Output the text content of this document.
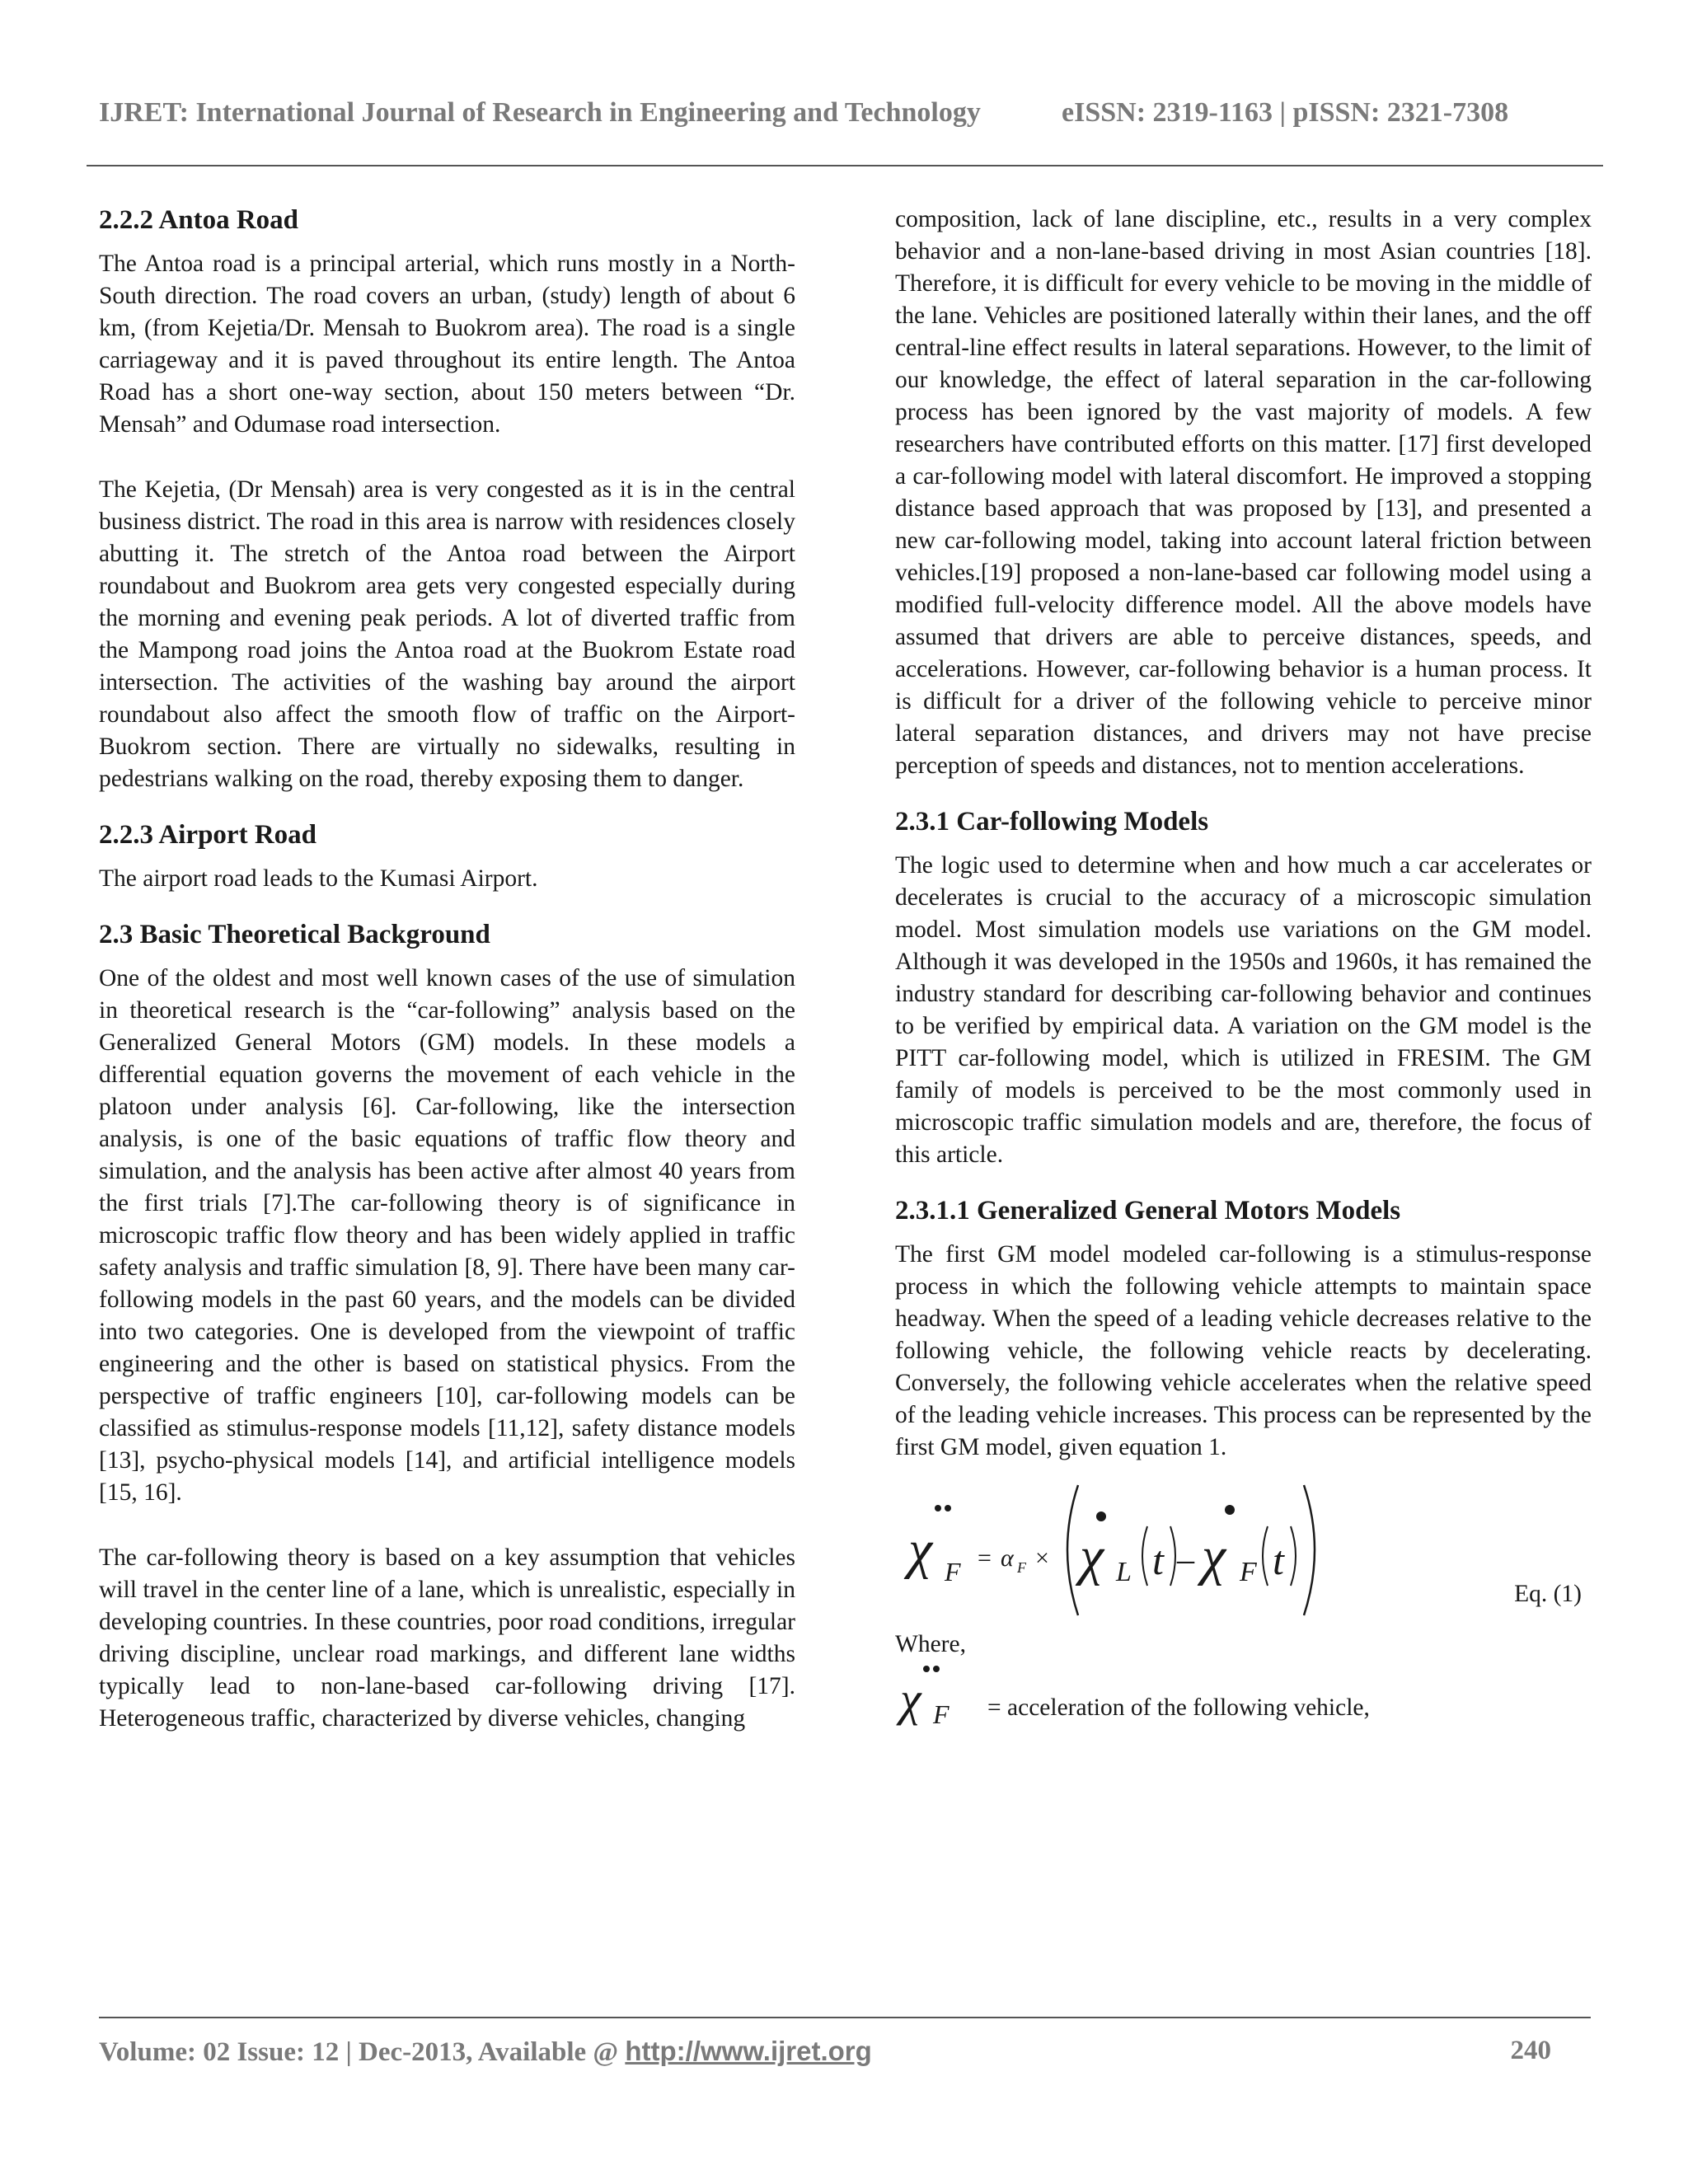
IJRET: International Journal of Research in Engineering and Technology	eISSN: 2319-1163 | pISSN: 2321-7308
2.2.2 Antoa Road

The Antoa road is a principal arterial, which runs mostly in a North-South direction. The road covers an urban, (study) length of about 6 km, (from Kejetia/Dr. Mensah to Buokrom area). The road is a single carriageway and it is paved throughout its entire length. The Antoa Road has a short one-way section, about 150 meters between “Dr. Mensah” and Odumase road intersection.

The Kejetia, (Dr Mensah) area is very congested as it is in the central business district. The road in this area is narrow with residences closely abutting it. The stretch of the Antoa road between the Airport roundabout and Buokrom area gets very congested especially during the morning and evening peak periods. A lot of diverted traffic from the Mampong road joins the Antoa road at the Buokrom Estate road intersection. The activities of the washing bay around the airport roundabout also affect the smooth flow of traffic on the Airport-Buokrom section. There are virtually no sidewalks, resulting in pedestrians walking on the road, thereby exposing them to danger.

2.2.3 Airport Road

The airport road leads to the Kumasi Airport.

2.3 Basic Theoretical Background

One of the oldest and most well known cases of the use of simulation in theoretical research is the “car-following” analysis based on the Generalized General Motors (GM) models. In these models a differential equation governs the movement of each vehicle in the platoon under analysis [6]. Car-following, like the intersection analysis, is one of the basic equations of traffic flow theory and simulation, and the analysis has been active after almost 40 years from the first trials [7].The car-following theory is of significance in microscopic traffic flow theory and has been widely applied in traffic safety analysis and traffic simulation [8, 9]. There have been many car-following models in the past 60 years, and the models can be divided into two categories. One is developed from the viewpoint of traffic engineering and the other is based on statistical physics. From the perspective of traffic engineers [10], car-following models can be classified as stimulus-response models [11,12], safety distance models [13], psycho-physical models [14], and artificial intelligence models [15, 16].

The car-following theory is based on a key assumption that vehicles will travel in the center line of a lane, which is unrealistic, especially in developing countries. In these countries, poor road conditions, irregular driving discipline, unclear road markings, and different lane widths typically lead to non-lane-based car-following driving [17]. Heterogeneous traffic, characterized by diverse vehicles, changing

composition, lack of lane discipline, etc., results in a very complex behavior and a non-lane-based driving in most Asian countries [18]. Therefore, it is difficult for every vehicle to be moving in the middle of the lane. Vehicles are positioned laterally within their lanes, and the off central-line effect results in lateral separations. However, to the limit of our knowledge, the effect of lateral separation in the car-following process has been ignored by the vast majority of models. A few researchers have contributed efforts on this matter. [17] first developed a car-following model with lateral discomfort. He improved a stopping distance based approach that was proposed by [13], and presented a new car-following model, taking into account lateral friction between vehicles.[19] proposed a non-lane-based car following model using a modified full-velocity difference model. All the above models have assumed that drivers are able to perceive distances, speeds, and accelerations. However, car-following behavior is a human process. It is difficult for a driver of the following vehicle to perceive minor lateral separation distances, and drivers may not have precise perception of speeds and distances, not to mention accelerations.

2.3.1 Car-following Models

The logic used to determine when and how much a car accelerates or decelerates is crucial to the accuracy of a microscopic simulation model. Most simulation models use variations on the GM model. Although it was developed in the 1950s and 1960s, it has remained the industry standard for describing car-following behavior and continues to be verified by empirical data. A variation on the GM model is the PITT car-following model, which is utilized in FRESIM. The GM family of models is perceived to be the most commonly used in microscopic traffic simulation models and are, therefore, the focus of this article.

2.3.1.1 Generalized General Motors Models

The first GM model modeled car-following is a stimulus-response process in which the following vehicle attempts to maintain space headway. When the speed of a leading vehicle decreases relative to the following vehicle, the following vehicle reacts by decelerating. Conversely, the following vehicle accelerates when the relative speed of the leading vehicle increases. This process can be represented by the first GM model, given equation 1.

χ F = α F × χ L t – χ F t
Eq. (1)

Where,

χ F = acceleration of the following vehicle,
Volume: 02 Issue: 12 | Dec-2013, Available @ http://www.ijret.org	240
